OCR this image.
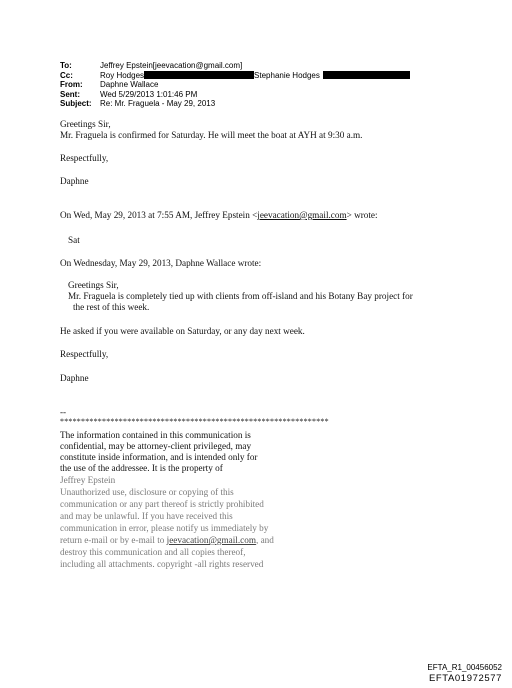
To:	Jeffrey Epstein[jeevacation@gmail.com]
Cc:	Roy Hodges	Stephanie Hodges
From:	Daphne Wallace
Sent:	Wed 5/29/2013 1:01:46 PM
Subject:	Re: Mr. Fraguela - May 29, 2013
Greetings Sir,
Mr. Fraguela is confirmed for Saturday. He will meet the boat at AYH at 9:30 a.m.
Respectfully,
Daphne
On Wed, May 29, 2013 at 7:55 AM, Jeffrey Epstein <jeevacation@gmail.com> wrote:
Sat
On Wednesday, May 29, 2013, Daphne Wallace wrote:
Greetings Sir,
Mr. Fraguela is completely tied up with clients from off-island and his Botany Bay project for
the rest of this week.
He asked if you were available on Saturday, or any day next week.
Respectfully,
Daphne
--
****************************************************************
The information contained in this communication is
confidential, may be attorney-client privileged, may
constitute inside information, and is intended only for
the use of the addressee. It is the property of
Jeffrey Epstein
Unauthorized use, disclosure or copying of this
communication or any part thereof is strictly prohibited
and may be unlawful. If you have received this
communication in error, please notify us immediately by
return e-mail or by e-mail to jeevacation@gmail.com, and
destroy this communication and all copies thereof,
including all attachments. copyright -all rights reserved
EFTA_R1_00456052
EFTA01972577
